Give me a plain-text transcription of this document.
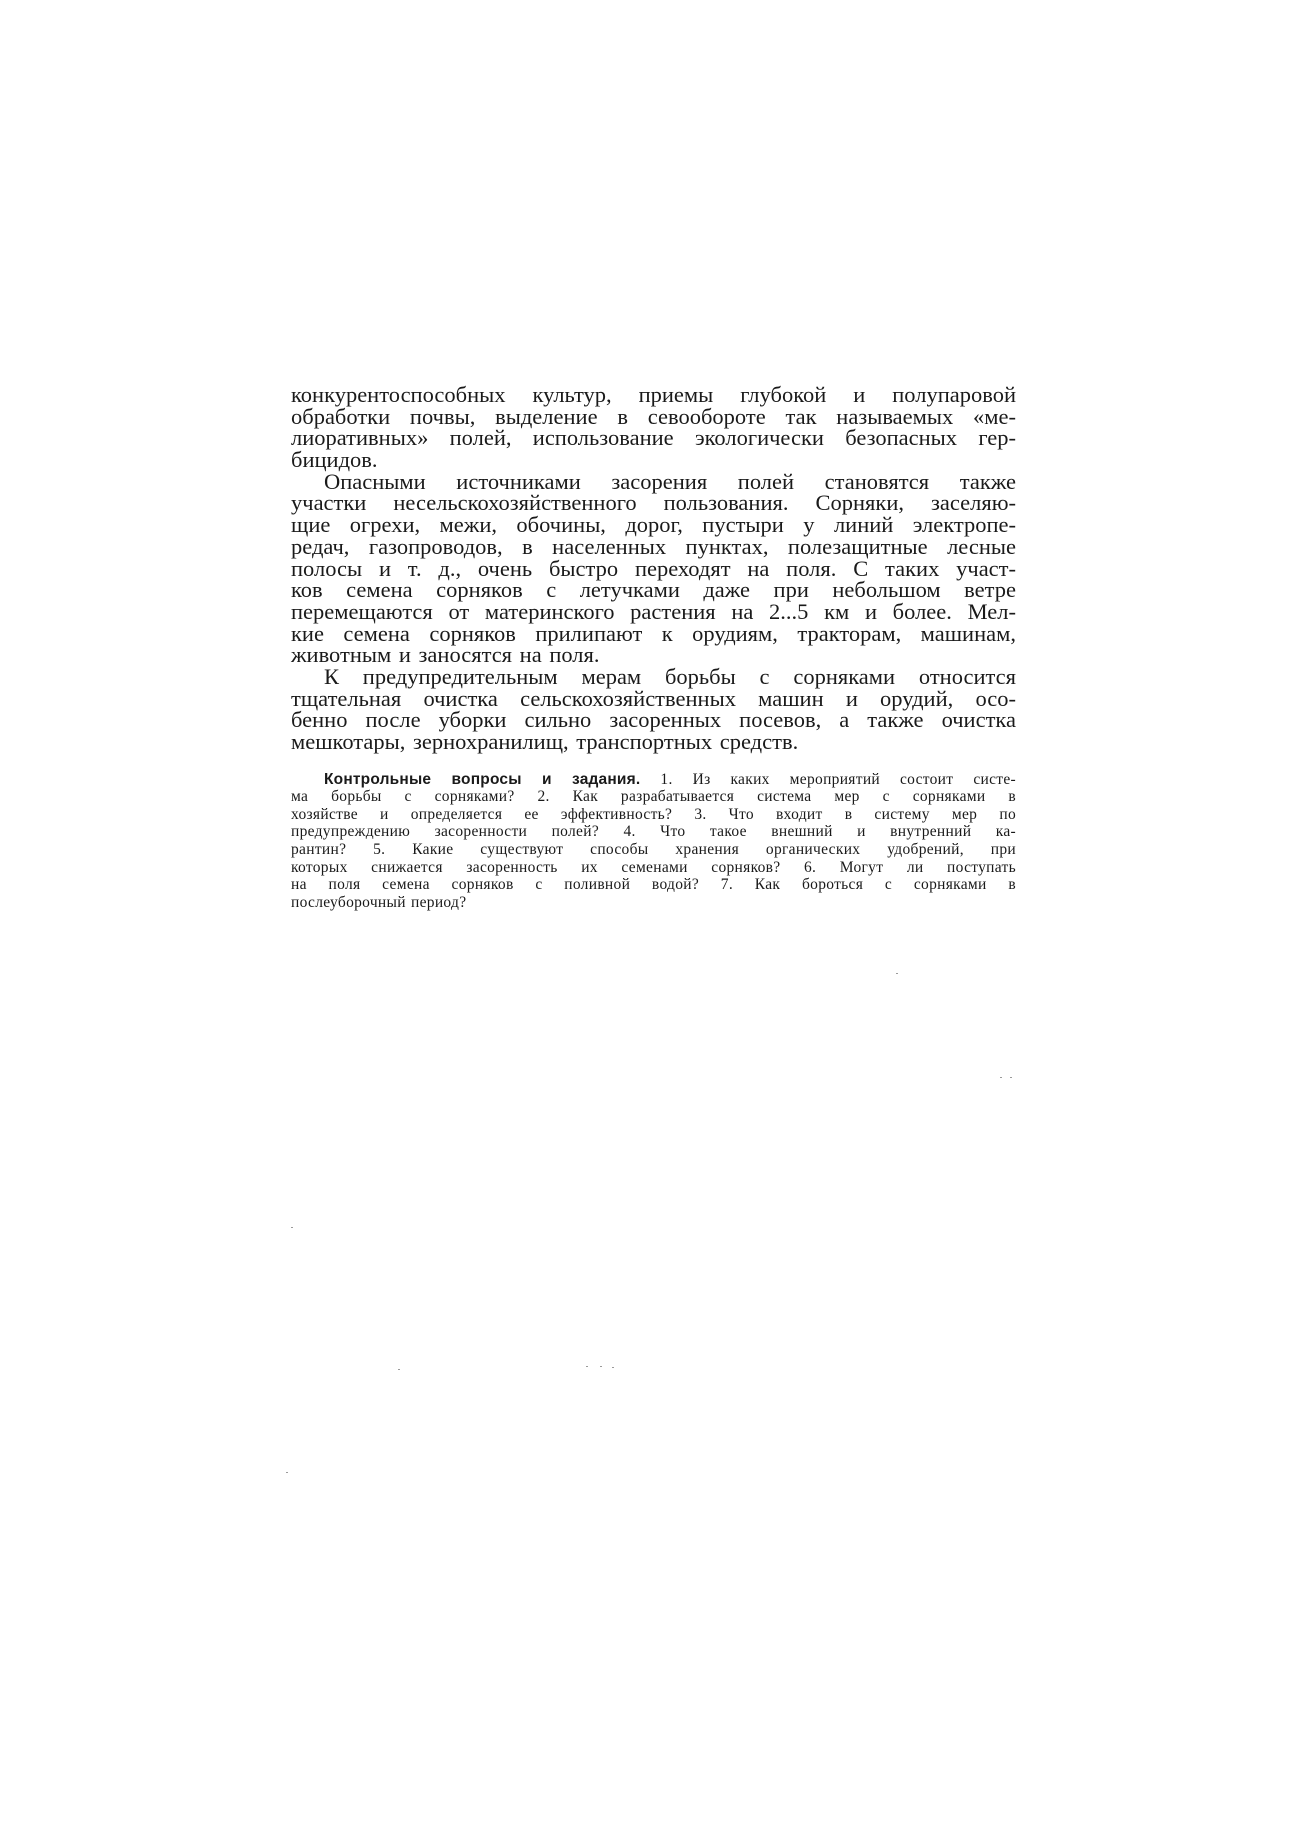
конкурентоспособных культур, приемы глубокой и полупаровой
обработки почвы, выделение в севообороте так называемых «ме-
лиоративных» полей, использование экологически безопасных гер-
бицидов.
Опасными источниками засорения полей становятся также
участки несельскохозяйственного пользования. Сорняки, заселяю-
щие огрехи, межи, обочины, дорог, пустыри у линий электропе-
редач, газопроводов, в населенных пунктах, полезащитные лесные
полосы и т. д., очень быстро переходят на поля. С таких участ-
ков семена сорняков с летучками даже при небольшом ветре
перемещаются от материнского растения на 2...5 км и более. Мел-
кие семена сорняков прилипают к орудиям, тракторам, машинам,
животным и заносятся на поля.
К предупредительным мерам борьбы с сорняками относится
тщательная очистка сельскохозяйственных машин и орудий, осо-
бенно после уборки сильно засоренных посевов, а также очистка
мешкотары, зернохранилищ, транспортных средств.
Контрольные вопросы и задания. 1. Из каких мероприятий состоит систе-
ма борьбы с сорняками? 2. Как разрабатывается система мер с сорняками в
хозяйстве и определяется ее эффективность? 3. Что входит в систему мер по
предупреждению засоренности полей? 4. Что такое внешний и внутренний ка-
рантин? 5. Какие существуют способы хранения органических удобрений, при
которых снижается засоренность их семенами сорняков? 6. Могут ли поступать
на поля семена сорняков с поливной водой? 7. Как бороться с сорняками в
послеуборочный период?
